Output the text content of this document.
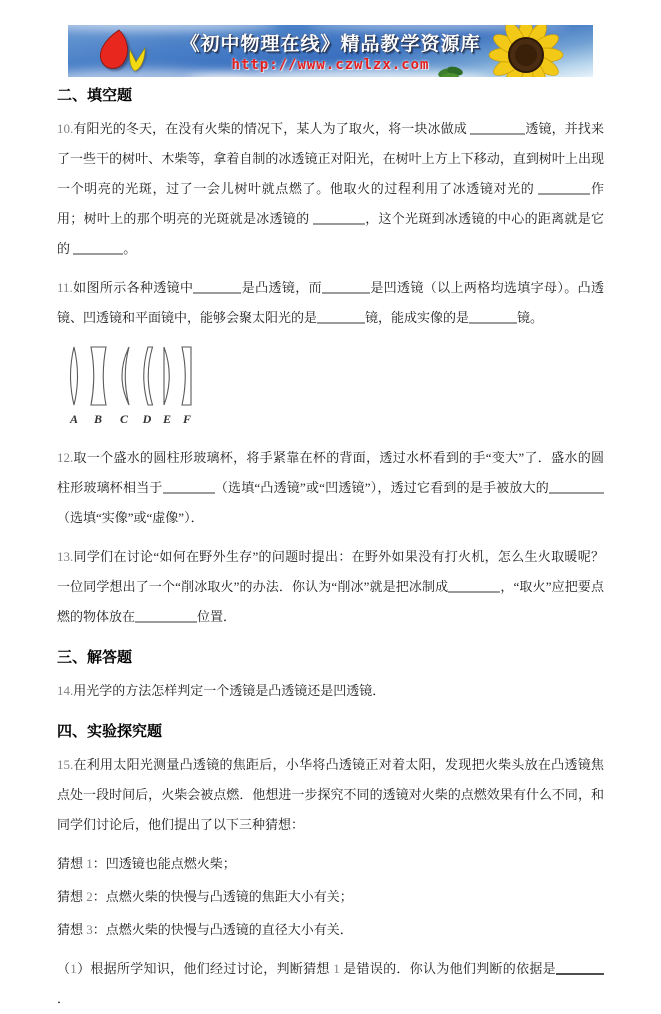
《初中物理在线》精品教学资源库
http://www.czwlzx.com
二、填空题

10.有阳光的冬天，在没有火柴的情况下，某人为了取火，将一块冰做成	透镜，并找来了一些干的树叶、木柴等，拿着自制的冰透镜正对阳光，在树叶上方上下移动，直到树叶上出现一个明亮的光斑，过了一会儿树叶就点燃了。他取火的过程利用了冰透镜对光的	作用；树叶上的那个明亮的光斑就是冰透镜的	，这个光斑到冰透镜的中心的距离就是它的	。

11.如图所示各种透镜中	是凸透镜，而	是凹透镜（以上两格均选填字母）。凸透镜、凹透镜和平面镜中，能够会聚太阳光的是	镜，能成实像的是	镜。

A B C D E F

12.取一个盛水的圆柱形玻璃杯，将手紧靠在杯的背面，透过水杯看到的手“变大”了．盛水的圆柱形玻璃杯相当于	（选填“凸透镜”或“凹透镜”），透过它看到的是手被放大的（选填“实像”或“虚像”）．

13.同学们在讨论“如何在野外生存”的问题时提出：在野外如果没有打火机，怎么生火取暖呢？一位同学想出了一个“削冰取火”的办法．你认为“削冰”就是把冰制成	，“取火”应把要点燃的物体放在	位置．

三、解答题

14.用光学的方法怎样判定一个透镜是凸透镜还是凹透镜．

四、实验探究题

15.在利用太阳光测量凸透镜的焦距后，小华将凸透镜正对着太阳，发现把火柴头放在凸透镜焦点处一段时间后，火柴会被点燃．他想进一步探究不同的透镜对火柴的点燃效果有什么不同，和同学们讨论后，他们提出了以下三种猜想：

猜想 1：凹透镜也能点燃火柴；

猜想 2：点燃火柴的快慢与凸透镜的焦距大小有关；

猜想 3：点燃火柴的快慢与凸透镜的直径大小有关．

（1）根据所学知识，他们经过讨论，判断猜想 1 是错误的．你认为他们判断的依据是．
